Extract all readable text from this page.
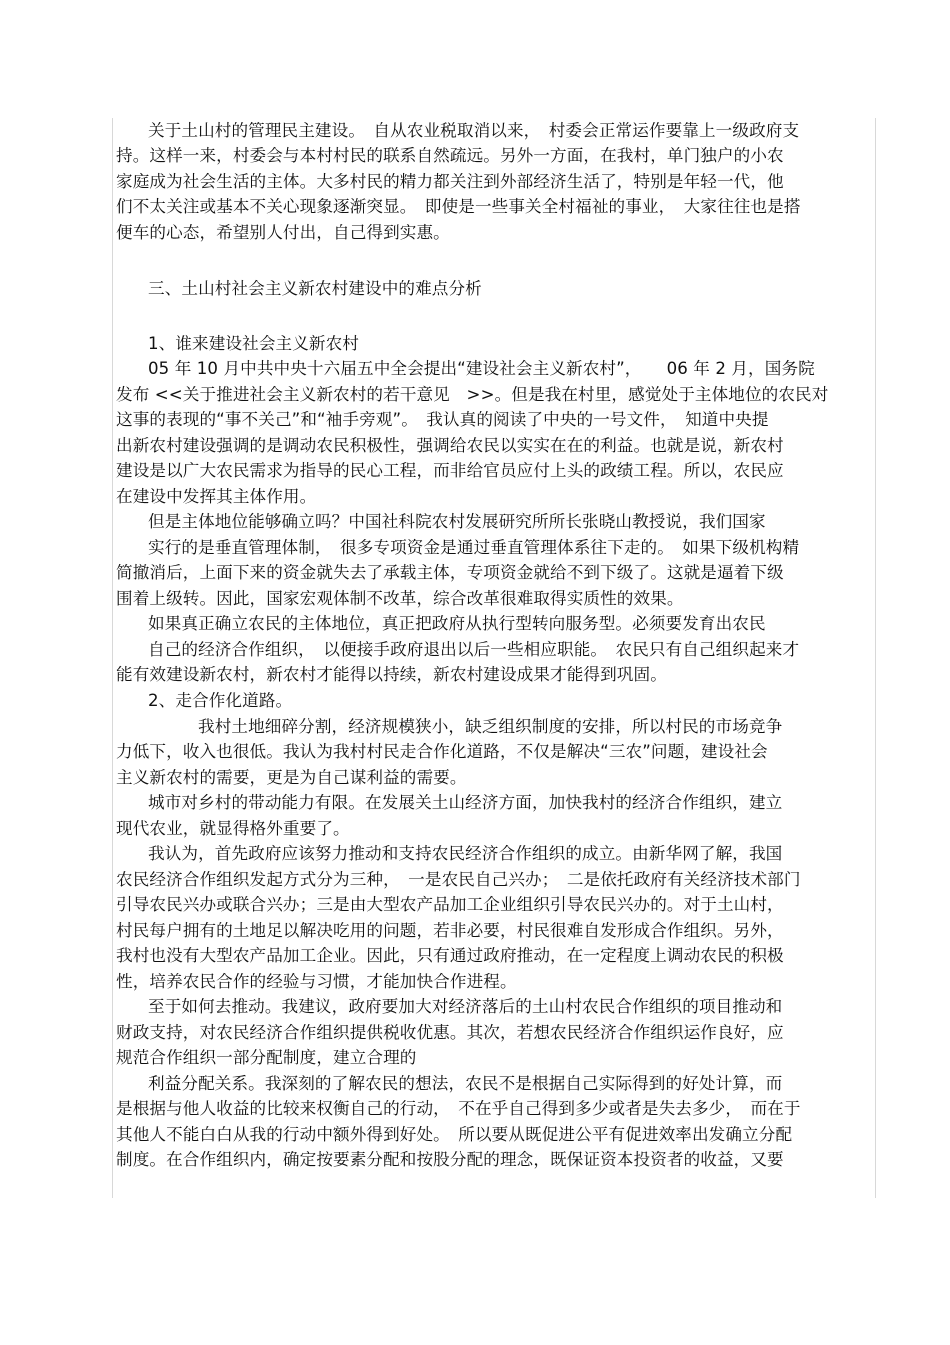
关于土山村的管理民主建设。　自从农业税取消以来，　村委会正常运作要靠上一级政府支
持。这样一来，村委会与本村村民的联系自然疏远。另外一方面，在我村，单门独户的小农
家庭成为社会生活的主体。大多村民的精力都关注到外部经济生活了，特别是年轻一代，他
们不太关注或基本不关心现象逐渐突显。　即使是一些事关全村福祉的事业，　大家往往也是搭
便车的心态，希望别人付出，自己得到实惠。
三、土山村社会主义新农村建设中的难点分析
1、谁来建设社会主义新农村
05 年 10 月中共中央十六届五中全会提出“建设社会主义新农村”，　　06 年 2 月，国务院
发布 <<关于推进社会主义新农村的若干意见　>>。但是我在村里，感觉处于主体地位的农民对
这事的表现的“事不关己”和“袖手旁观”。　我认真的阅读了中央的一号文件，　知道中央提
出新农村建设强调的是调动农民积极性，强调给农民以实实在在的利益。也就是说，新农村
建设是以广大农民需求为指导的民心工程，而非给官员应付上头的政绩工程。所以，农民应
在建设中发挥其主体作用。
但是主体地位能够确立吗？中国社科院农村发展研究所所长张晓山教授说，我们国家
实行的是垂直管理体制，　很多专项资金是通过垂直管理体系往下走的。　如果下级机构精
简撤消后，上面下来的资金就失去了承载主体，专项资金就给不到下级了。这就是逼着下级
围着上级转。因此，国家宏观体制不改革，综合改革很难取得实质性的效果。
如果真正确立农民的主体地位，真正把政府从执行型转向服务型。必须要发育出农民
自己的经济合作组织，　以便接手政府退出以后一些相应职能。　农民只有自己组织起来才
能有效建设新农村，新农村才能得以持续，新农村建设成果才能得到巩固。
2、走合作化道路。
我村土地细碎分割，经济规模狭小，缺乏组织制度的安排，所以村民的市场竞争
力低下，收入也很低。我认为我村村民走合作化道路，不仅是解决“三农”问题，建设社会
主义新农村的需要，更是为自己谋利益的需要。
城市对乡村的带动能力有限。在发展关土山经济方面，加快我村的经济合作组织，建立
现代农业，就显得格外重要了。
我认为，首先政府应该努力推动和支持农民经济合作组织的成立。由新华网了解，我国
农民经济合作组织发起方式分为三种，　一是农民自己兴办；　二是依托政府有关经济技术部门
引导农民兴办或联合兴办；三是由大型农产品加工企业组织引导农民兴办的。对于土山村，
村民每户拥有的土地足以解决吃用的问题，若非必要，村民很难自发形成合作组织。另外，
我村也没有大型农产品加工企业。因此，只有通过政府推动，在一定程度上调动农民的积极
性，培养农民合作的经验与习惯，才能加快合作进程。
至于如何去推动。我建议，政府要加大对经济落后的土山村农民合作组织的项目推动和
财政支持，对农民经济合作组织提供税收优惠。其次，若想农民经济合作组织运作良好，应
规范合作组织一部分配制度，建立合理的
利益分配关系。我深刻的了解农民的想法，农民不是根据自己实际得到的好处计算，而
是根据与他人收益的比较来权衡自己的行动，　不在乎自己得到多少或者是失去多少，　而在于
其他人不能白白从我的行动中额外得到好处。　所以要从既促进公平有促进效率出发确立分配
制度。在合作组织内，确定按要素分配和按股分配的理念，既保证资本投资者的收益，又要
